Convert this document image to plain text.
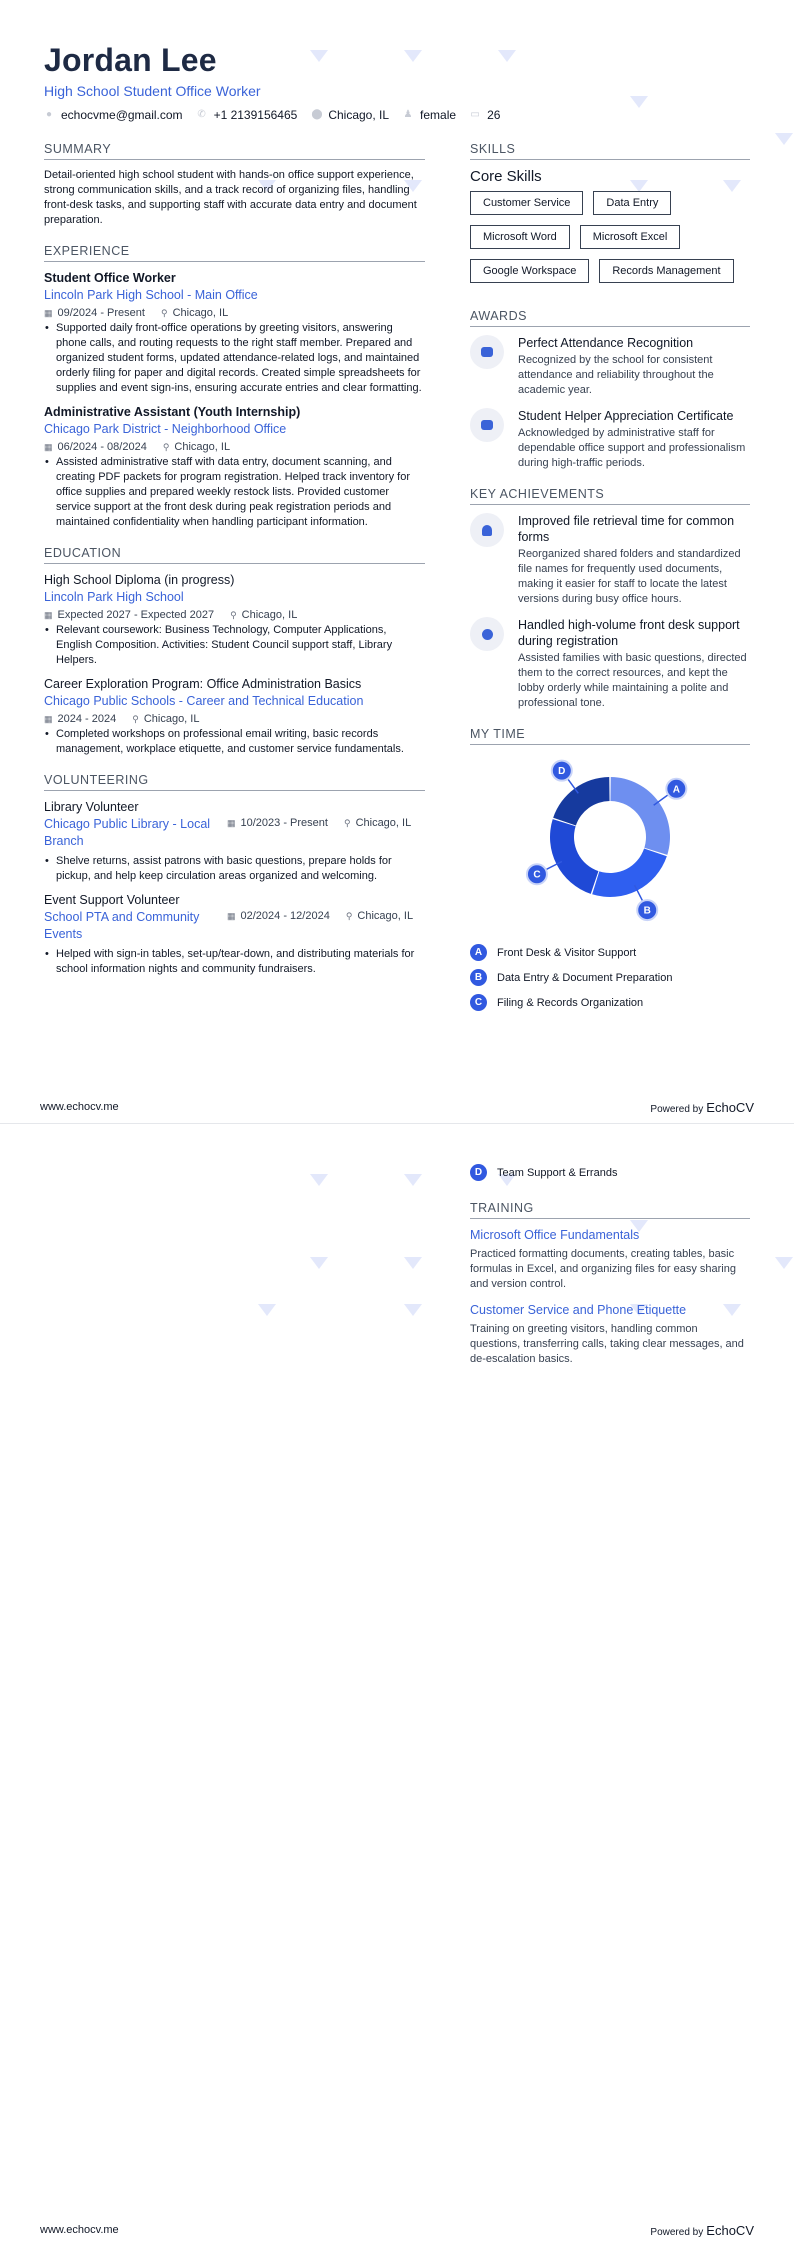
Jordan Lee
High School Student Office Worker
● echocvme@gmail.com ✆ +1 2139156465 ⬤ Chicago, IL ♟ female ▭ 26
SUMMARY
Detail-oriented high school student with hands-on office support experience, strong communication skills, and a track record of organizing files, handling front-desk tasks, and supporting staff with accurate data entry and document preparation.
EXPERIENCE
Student Office Worker
Lincoln Park High School - Main Office
▦ 09/2024 - Present ⚲ Chicago, IL
• Supported daily front-office operations by greeting visitors, answering phone calls, and routing requests to the right staff member. Prepared and organized student forms, updated attendance-related logs, and maintained orderly filing for paper and digital records. Created simple spreadsheets for supplies and event sign-ins, ensuring accurate entries and clear formatting.
Administrative Assistant (Youth Internship)
Chicago Park District - Neighborhood Office
▦ 06/2024 - 08/2024 ⚲ Chicago, IL
• Assisted administrative staff with data entry, document scanning, and creating PDF packets for program registration. Helped track inventory for office supplies and prepared weekly restock lists. Provided customer service support at the front desk during peak registration periods and maintained confidentiality when handling participant information.
EDUCATION
High School Diploma (in progress)
Lincoln Park High School
▦ Expected 2027 - Expected 2027 ⚲ Chicago, IL
• Relevant coursework: Business Technology, Computer Applications, English Composition. Activities: Student Council support staff, Library Helpers.
Career Exploration Program: Office Administration Basics
Chicago Public Schools - Career and Technical Education
▦ 2024 - 2024 ⚲ Chicago, IL
• Completed workshops on professional email writing, basic records management, workplace etiquette, and customer service fundamentals.
VOLUNTEERING
Library Volunteer
Chicago Public Library - Local Branch
▦ 10/2023 - Present ⚲ Chicago, IL
• Shelve returns, assist patrons with basic questions, prepare holds for pickup, and help keep circulation areas organized and welcoming.
Event Support Volunteer
School PTA and Community Events
▦ 02/2024 - 12/2024 ⚲ Chicago, IL
• Helped with sign-in tables, set-up/tear-down, and distributing materials for school information nights and community fundraisers.
SKILLS
Core Skills
Customer Service	Data Entry
Microsoft Word	Microsoft Excel
Google Workspace	Records Management
AWARDS
Perfect Attendance Recognition
Recognized by the school for consistent attendance and reliability throughout the academic year.
Student Helper Appreciation Certificate
Acknowledged by administrative staff for dependable office support and professionalism during high-traffic periods.
KEY ACHIEVEMENTS
Improved file retrieval time for common forms
Reorganized shared folders and standardized file names for frequently used documents, making it easier for staff to locate the latest versions during busy office hours.
Handled high-volume front desk support during registration
Assisted families with basic questions, directed them to the correct resources, and kept the lobby orderly while maintaining a polite and professional tone.
MY TIME
A
B
C
D
A	Front Desk & Visitor Support
B	Data Entry & Document Preparation
C	Filing & Records Organization
www.echocv.me	Powered by EchoCV
D	Team Support & Errands
TRAINING
Microsoft Office Fundamentals
Practiced formatting documents, creating tables, basic formulas in Excel, and organizing files for easy sharing and version control.
Customer Service and Phone Etiquette
Training on greeting visitors, handling common questions, transferring calls, taking clear messages, and de-escalation basics.
www.echocv.me	Powered by EchoCV
